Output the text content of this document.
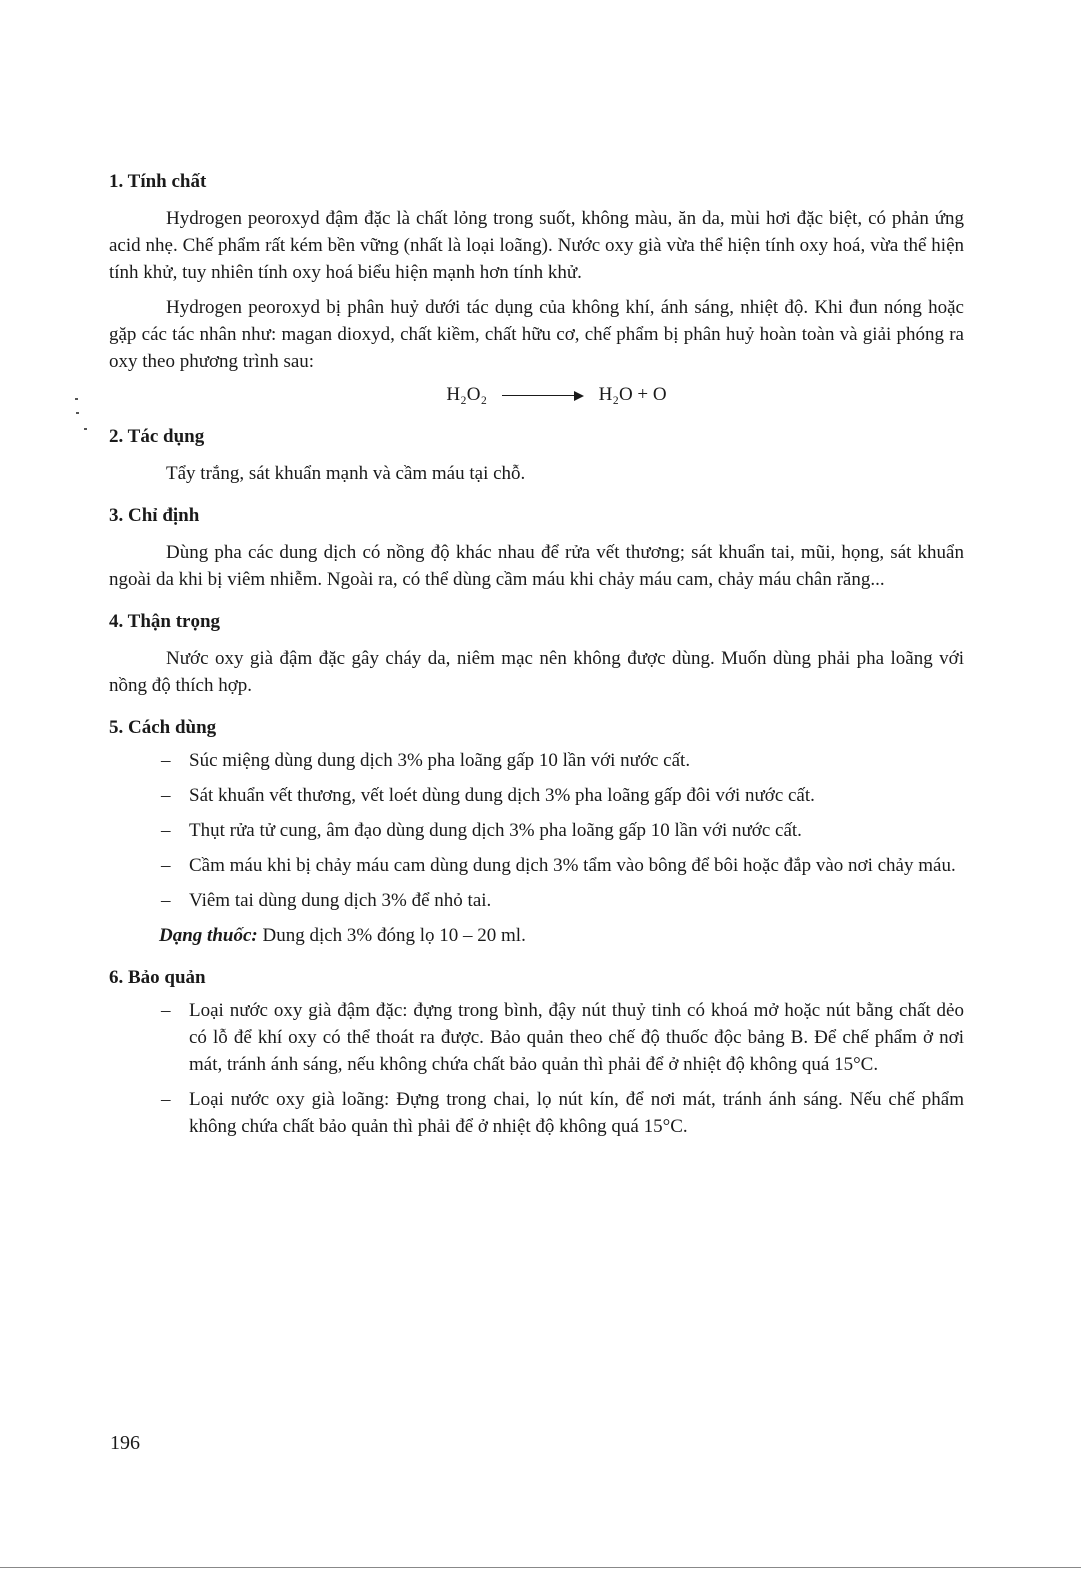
1. Tính chất

Hydrogen peoroxyd đậm đặc là chất lỏng trong suốt, không màu, ăn da, mùi hơi đặc biệt, có phản ứng acid nhẹ. Chế phẩm rất kém bền vững (nhất là loại loãng). Nước oxy già vừa thể hiện tính oxy hoá, vừa thể hiện tính khử, tuy nhiên tính oxy hoá biểu hiện mạnh hơn tính khử.

Hydrogen peoroxyd bị phân huỷ dưới tác dụng của không khí, ánh sáng, nhiệt độ. Khi đun nóng hoặc gặp các tác nhân như: magan dioxyd, chất kiềm, chất hữu cơ, chế phẩm bị phân huỷ hoàn toàn và giải phóng ra oxy theo phương trình sau:

H₂O₂	H₂O + O
2. Tác dụng

Tẩy trắng, sát khuẩn mạnh và cầm máu tại chỗ.

3. Chỉ định

Dùng pha các dung dịch có nồng độ khác nhau để rửa vết thương; sát khuẩn tai, mũi, họng, sát khuẩn ngoài da khi bị viêm nhiễm. Ngoài ra, có thể dùng cầm máu khi chảy máu cam, chảy máu chân răng...

4. Thận trọng

Nước oxy già đậm đặc gây cháy da, niêm mạc nên không được dùng. Muốn dùng phải pha loãng với nồng độ thích hợp.

5. Cách dùng
– Súc miệng dùng dung dịch 3% pha loãng gấp 10 lần với nước cất.
– Sát khuẩn vết thương, vết loét dùng dung dịch 3% pha loãng gấp đôi với nước cất.
– Thụt rửa tử cung, âm đạo dùng dung dịch 3% pha loãng gấp 10 lần với nước cất.
– Cầm máu khi bị chảy máu cam dùng dung dịch 3% tẩm vào bông để bôi hoặc đắp vào nơi chảy máu.
– Viêm tai dùng dung dịch 3% để nhỏ tai.

Dạng thuốc: Dung dịch 3% đóng lọ 10 – 20 ml.

6. Bảo quản
– Loại nước oxy già đậm đặc: đựng trong bình, đậy nút thuỷ tinh có khoá mở hoặc nút bằng chất dẻo có lỗ để khí oxy có thể thoát ra được. Bảo quản theo chế độ thuốc độc bảng B. Để chế phẩm ở nơi mát, tránh ánh sáng, nếu không chứa chất bảo quản thì phải để ở nhiệt độ không quá 15°C.
– Loại nước oxy già loãng: Đựng trong chai, lọ nút kín, để nơi mát, tránh ánh sáng. Nếu chế phẩm không chứa chất bảo quản thì phải để ở nhiệt độ không quá 15°C.
196
